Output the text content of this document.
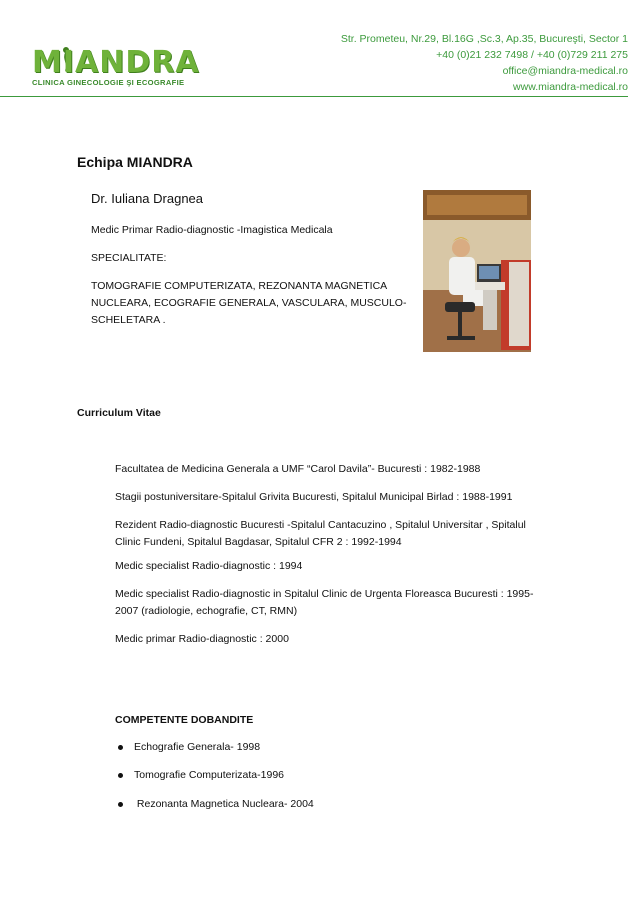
MIANDRA
CLINICA GINECOLOGIE ŞI ECOGRAFIE
Str. Prometeu, Nr.29, Bl.16G ,Sc.3, Ap.35, Bucureşti, Sector 1
+40 (0)21 232 7498 / +40 (0)729 211 275
office@miandra-medical.ro
www.miandra-medical.ro
Echipa MIANDRA
Dr. Iuliana Dragnea
Medic Primar Radio-diagnostic -Imagistica Medicala
SPECIALITATE:
TOMOGRAFIE COMPUTERIZATA, REZONANTA MAGNETICA
NUCLEARA, ECOGRAFIE GENERALA, VASCULARA, MUSCULO-
SCHELETARA .
Curriculum Vitae
Facultatea de Medicina Generala a UMF “Carol Davila”- Bucuresti : 1982-1988
Stagii postuniversitare-Spitalul Grivita Bucuresti, Spitalul Municipal Birlad : 1988-1991
Rezident Radio-diagnostic Bucuresti -Spitalul Cantacuzino , Spitalul Universitar , Spitalul
Clinic Fundeni, Spitalul Bagdasar, Spitalul CFR 2 : 1992-1994
Medic specialist Radio-diagnostic : 1994
Medic specialist Radio-diagnostic in Spitalul Clinic de Urgenta Floreasca Bucuresti : 1995-
2007 (radiologie, echografie, CT, RMN)
Medic primar Radio-diagnostic : 2000
COMPETENTE DOBANDITE
Echografie Generala- 1998
Tomografie Computerizata-1996
Rezonanta Magnetica Nucleara- 2004
